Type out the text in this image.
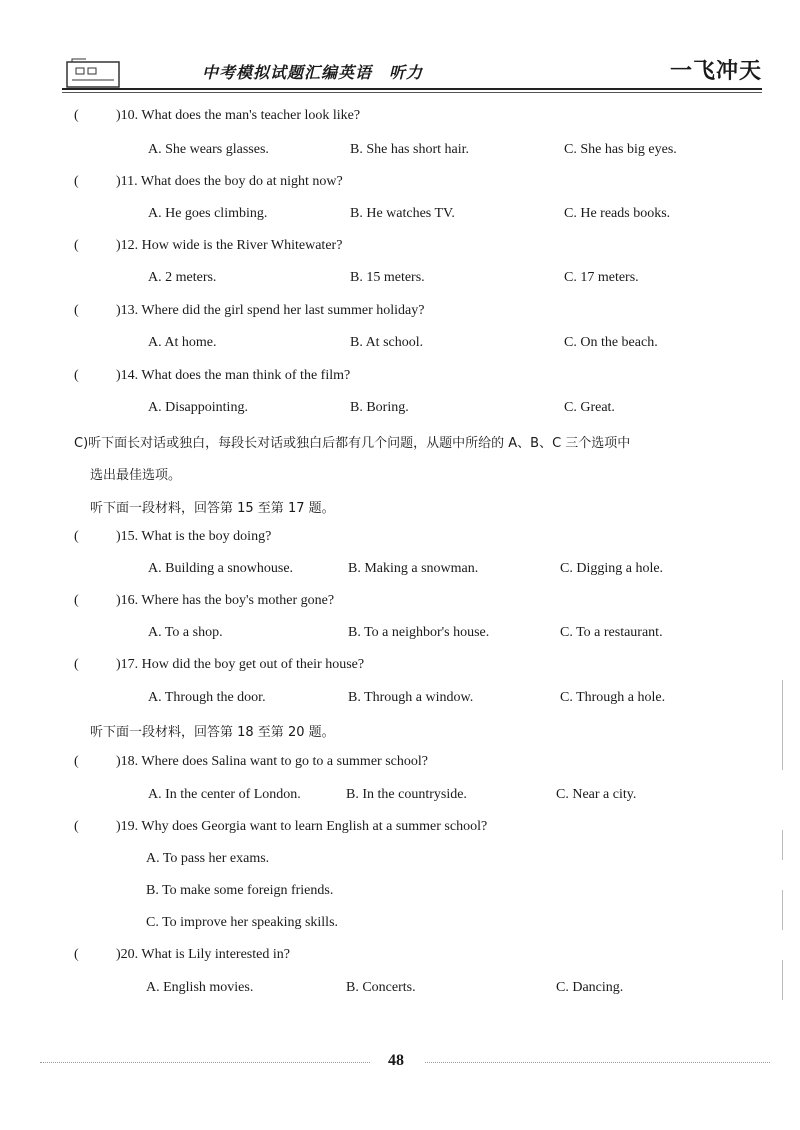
中考模拟试题汇编英语　听力	一飞冲天
(	)10. What does the man's teacher look like?
A. She wears glasses.	B. She has short hair.	C. She has big eyes.
(	)11. What does the boy do at night now?
A. He goes climbing.	B. He watches TV.	C. He reads books.
(	)12. How wide is the River Whitewater?
A. 2 meters.	B. 15 meters.	C. 17 meters.
(	)13. Where did the girl spend her last summer holiday?
A. At home.	B. At school.	C. On the beach.
(	)14. What does the man think of the film?
A. Disappointing.	B. Boring.	C. Great.
C)听下面长对话或独白，每段长对话或独白后都有几个问题，从题中所给的 A、B、C 三个选项中
选出最佳选项。
听下面一段材料，回答第 15 至第 17 题。
(	)15. What is the boy doing?
A. Building a snowhouse.	B. Making a snowman.	C. Digging a hole.
(	)16. Where has the boy's mother gone?
A. To a shop.	B. To a neighbor's house.	C. To a restaurant.
(	)17. How did the boy get out of their house?
A. Through the door.	B. Through a window.	C. Through a hole.
听下面一段材料，回答第 18 至第 20 题。
(	)18. Where does Salina want to go to a summer school?
A. In the center of London.	B. In the countryside.	C. Near a city.
(	)19. Why does Georgia want to learn English at a summer school?
A. To pass her exams.
B. To make some foreign friends.
C. To improve her speaking skills.
(	)20. What is Lily interested in?
A. English movies.	B. Concerts.	C. Dancing.
48
